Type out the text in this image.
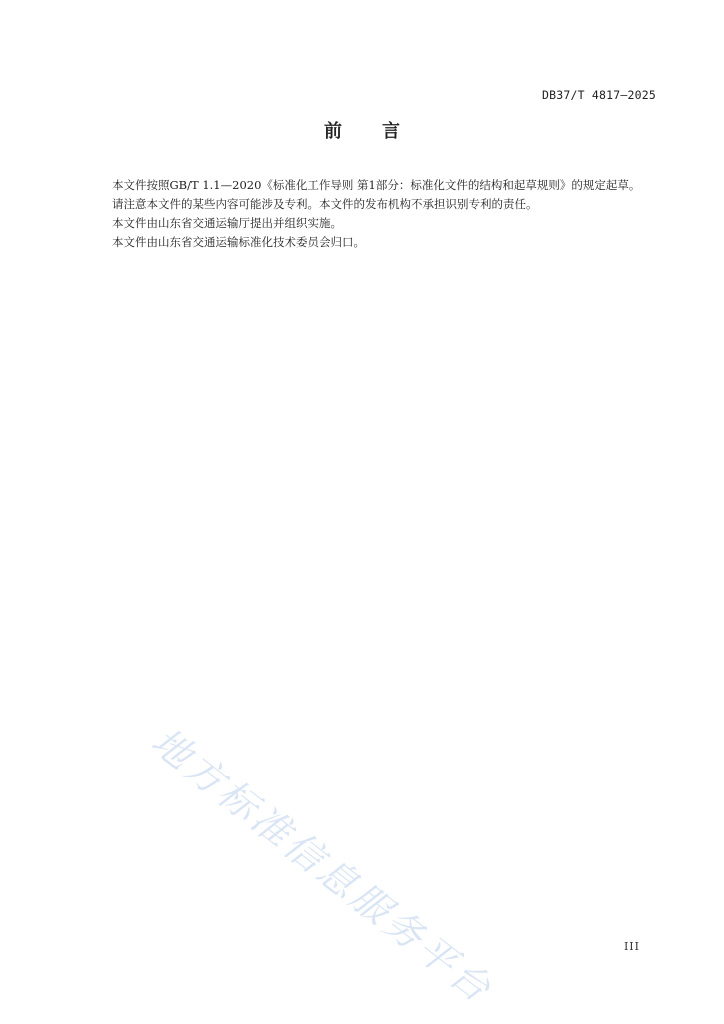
DB37/T 4817—2025
前 言

本文件按照GB/T 1.1—2020《标准化工作导则 第1部分：标准化文件的结构和起草规则》的规定起草。

请注意本文件的某些内容可能涉及专利。本文件的发布机构不承担识别专利的责任。

本文件由山东省交通运输厅提出并组织实施。

本文件由山东省交通运输标准化技术委员会归口。

地方标准信息服务平台	III
